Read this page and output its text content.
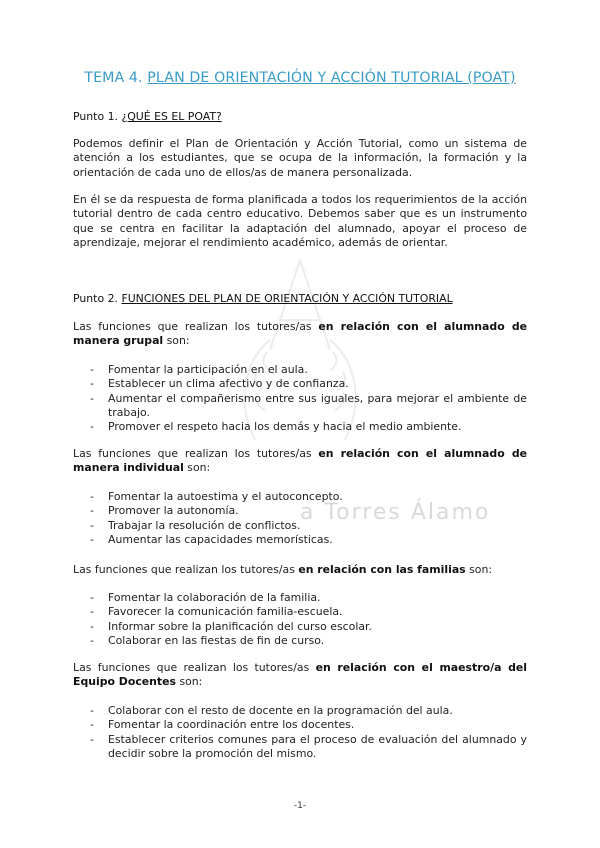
TEMA 4. PLAN DE ORIENTACIÓN Y ACCIÓN TUTORIAL (POAT)
Punto 1. ¿QUÉ ES EL POAT?

Podemos definir el Plan de Orientación y Acción Tutorial, como un sistema de atención a los estudiantes, que se ocupa de la información, la formación y la orientación de cada uno de ellos/as de manera personalizada.

En él se da respuesta de forma planificada a todos los requerimientos de la acción tutorial dentro de cada centro educativo. Debemos saber que es un instrumento que se centra en facilitar la adaptación del alumnado, apoyar el proceso de aprendizaje, mejorar el rendimiento académico, además de orientar.

Punto 2. FUNCIONES DEL PLAN DE ORIENTACIÓN Y ACCIÓN TUTORIAL

Las funciones que realizan los tutores/as en relación con el alumnado de manera grupal son:

- Fomentar la participación en el aula.
- Establecer un clima afectivo y de confianza.
- Aumentar el compañerismo entre sus iguales, para mejorar el ambiente de trabajo.
- Promover el respeto hacia los demás y hacia el medio ambiente.

Las funciones que realizan los tutores/as en relación con el alumnado de manera individual son:

- Fomentar la autoestima y el autoconcepto.
- Promover la autonomía.
- Trabajar la resolución de conflictos.
- Aumentar las capacidades memorísticas.
a Torres Álamo

Las funciones que realizan los tutores/as en relación con las familias son:

- Fomentar la colaboración de la familia.
- Favorecer la comunicación familia-escuela.
- Informar sobre la planificación del curso escolar.
- Colaborar en las fiestas de fin de curso.

Las funciones que realizan los tutores/as en relación con el maestro/a del Equipo Docentes son:

- Colaborar con el resto de docente en la programación del aula.
- Fomentar la coordinación entre los docentes.
- Establecer criterios comunes para el proceso de evaluación del alumnado y decidir sobre la promoción del mismo.
-1-
